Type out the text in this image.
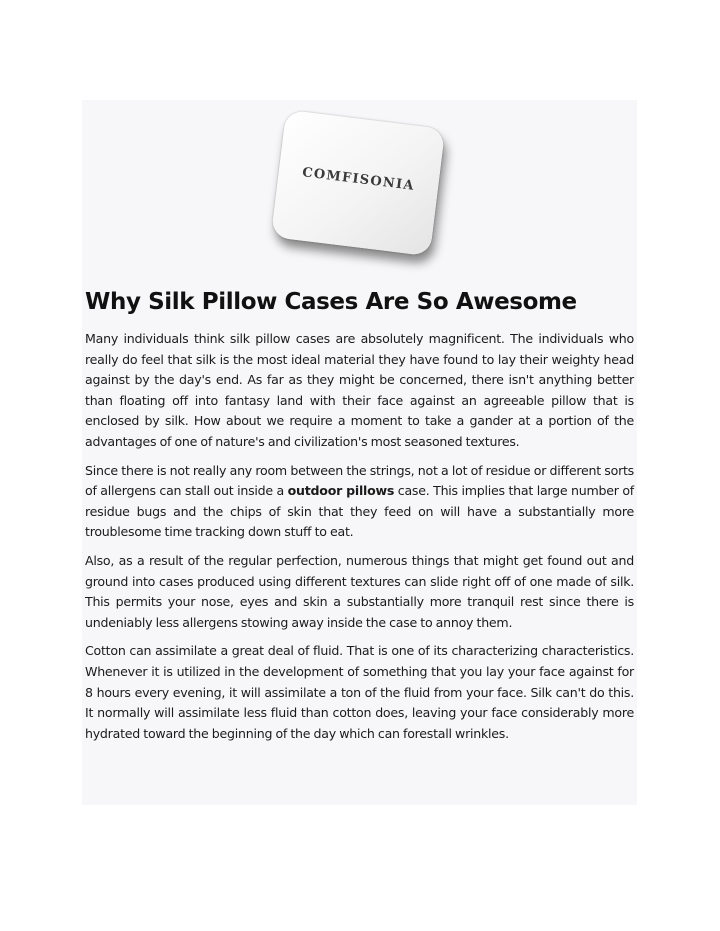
COMFISONIA
Why Silk Pillow Cases Are So Awesome

Many individuals think silk pillow cases are absolutely magnificent. The individuals who really do feel that silk is the most ideal material they have found to lay their weighty head against by the day's end. As far as they might be concerned, there isn't anything better than floating off into fantasy land with their face against an agreeable pillow that is enclosed by silk. How about we require a moment to take a gander at a portion of the advantages of one of nature's and civilization's most seasoned textures.

Since there is not really any room between the strings, not a lot of residue or different sorts of allergens can stall out inside a outdoor pillows case. This implies that large number of residue bugs and the chips of skin that they feed on will have a substantially more troublesome time tracking down stuff to eat.

Also, as a result of the regular perfection, numerous things that might get found out and ground into cases produced using different textures can slide right off of one made of silk. This permits your nose, eyes and skin a substantially more tranquil rest since there is undeniably less allergens stowing away inside the case to annoy them.

Cotton can assimilate a great deal of fluid. That is one of its characterizing characteristics. Whenever it is utilized in the development of something that you lay your face against for 8 hours every evening, it will assimilate a ton of the fluid from your face. Silk can't do this. It normally will assimilate less fluid than cotton does, leaving your face considerably more hydrated toward the beginning of the day which can forestall wrinkles.
